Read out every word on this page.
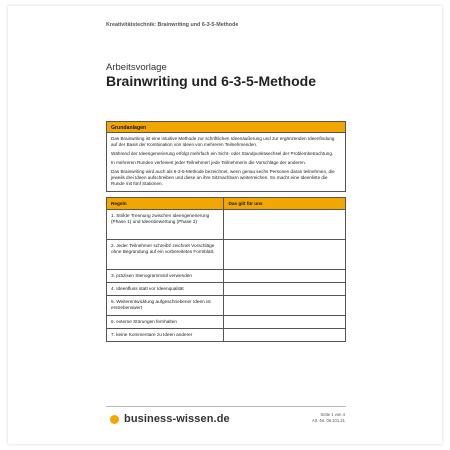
Kreativitätstechnik: Brainwriting und 6-3-5-Methode
Arbeitsvorlage
Brainwriting und 6-3-5-Methode
Grundanlagen

Das Brainwriting ist eine intuitive Methode zur schriftlichen Ideenäußerung und zur ergänzenden Ideenfindung auf der Basis der Kombination von Ideen von mehreren Teilnehmenden.

Während der Ideengenerierung erfolgt mehrfach ein Sicht- oder Standpunktwechsel der Problembetrachtung.

In mehreren Runden verfeinert jeder Teilnehmer/ jede Teilnehmerin die Vorschläge der anderen.

Das Brainwriting wird auch als 6-3-5-Methode bezeichnet, wenn genau sechs Personen daran teilnehmen, die jeweils drei Ideen aufschreiben und diese an ihre Sitznachbarn weiterreichen. So macht eine Ideenliste die Runde mit fünf Stationen.

Regeln	Das gilt für uns
1. Strikte Trennung zwischen Ideengenerierung (Phase 1) und Ideenbewertung (Phase 2)	
2. Jeder Teilnehmer schreibt/ zeichnet Vorschläge ohne Begründung auf ein vorbereitetes Formblatt.	
3. präzisen Stenogrammstil verwenden	
4. Ideenfluss statt vor Ideenqualität	
5. Weiterentwicklung aufgeschriebener Ideen ist erstrebenswert	
6. externe Störungen fernhalten	
7. keine Kommentare zu Ideen anderer	
business-wissen.de	Seite 1 von 4
Art.-Nr. 06.101.21
